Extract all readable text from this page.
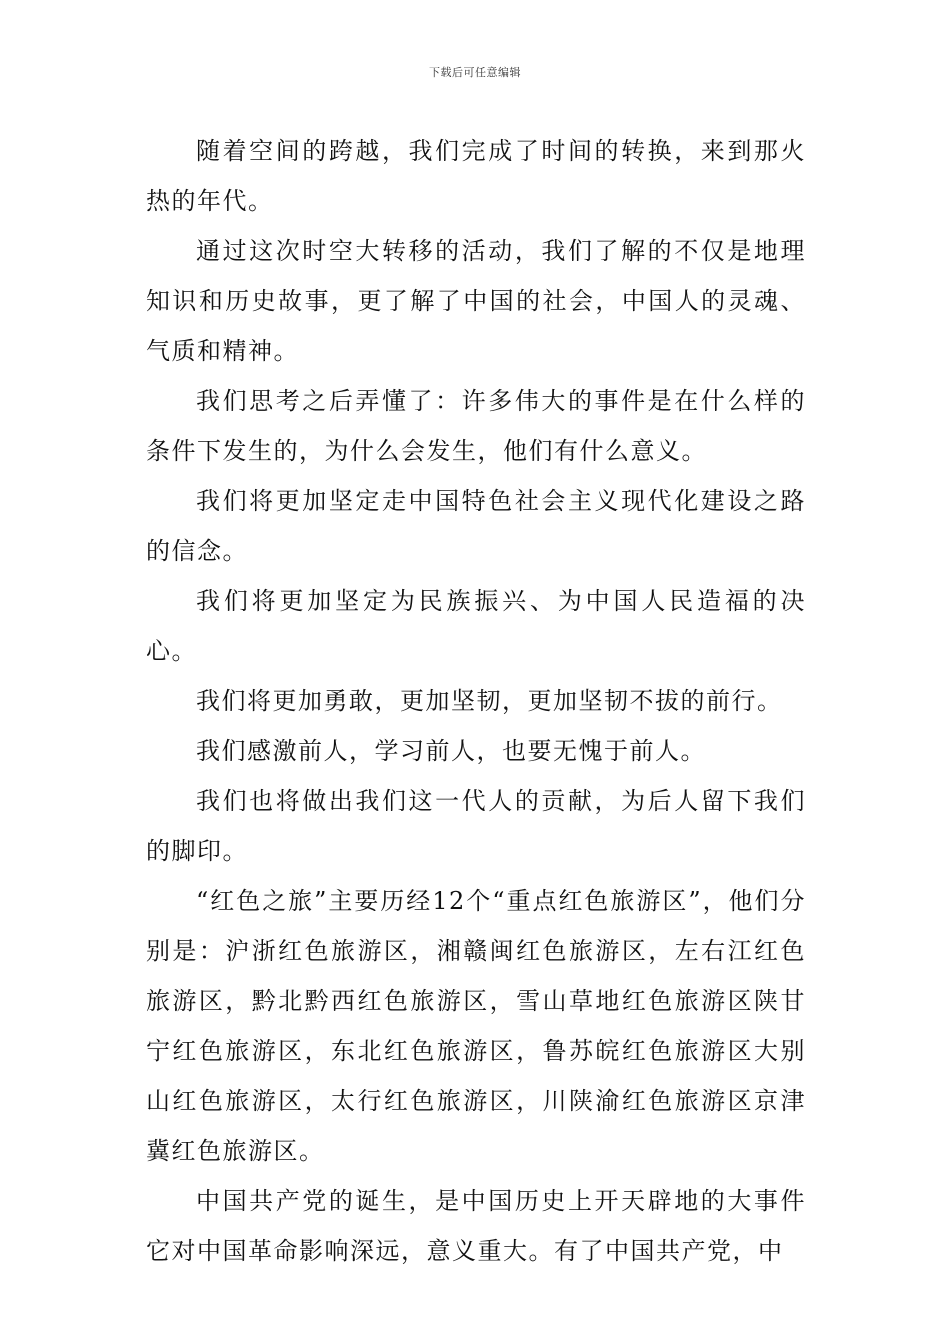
下载后可任意编辑

随着空间的跨越，我们完成了时间的转换，来到那火热的年代。

通过这次时空大转移的活动，我们了解的不仅是地理知识和历史故事，更了解了中国的社会，中国人的灵魂、气质和精神。

我们思考之后弄懂了：许多伟大的事件是在什么样的条件下发生的，为什么会发生，他们有什么意义。

我们将更加坚定走中国特色社会主义现代化建设之路的信念。

我们将更加坚定为民族振兴、为中国人民造福的决心。

我们将更加勇敢，更加坚韧，更加坚韧不拔的前行。

我们感激前人，学习前人，也要无愧于前人。

我们也将做出我们这一代人的贡献，为后人留下我们的脚印。

“红色之旅”主要历经12个“重点红色旅游区”，他们分别是：沪浙红色旅游区，湘赣闽红色旅游区，左右江红色旅游区，黔北黔西红色旅游区，雪山草地红色旅游区陕甘宁红色旅游区，东北红色旅游区，鲁苏皖红色旅游区大别山红色旅游区，太行红色旅游区，川陕渝红色旅游区京津冀红色旅游区。

中国共产党的诞生，是中国历史上开天辟地的大事件它对中国革命影响深远，意义重大。有了中国共产党，中
